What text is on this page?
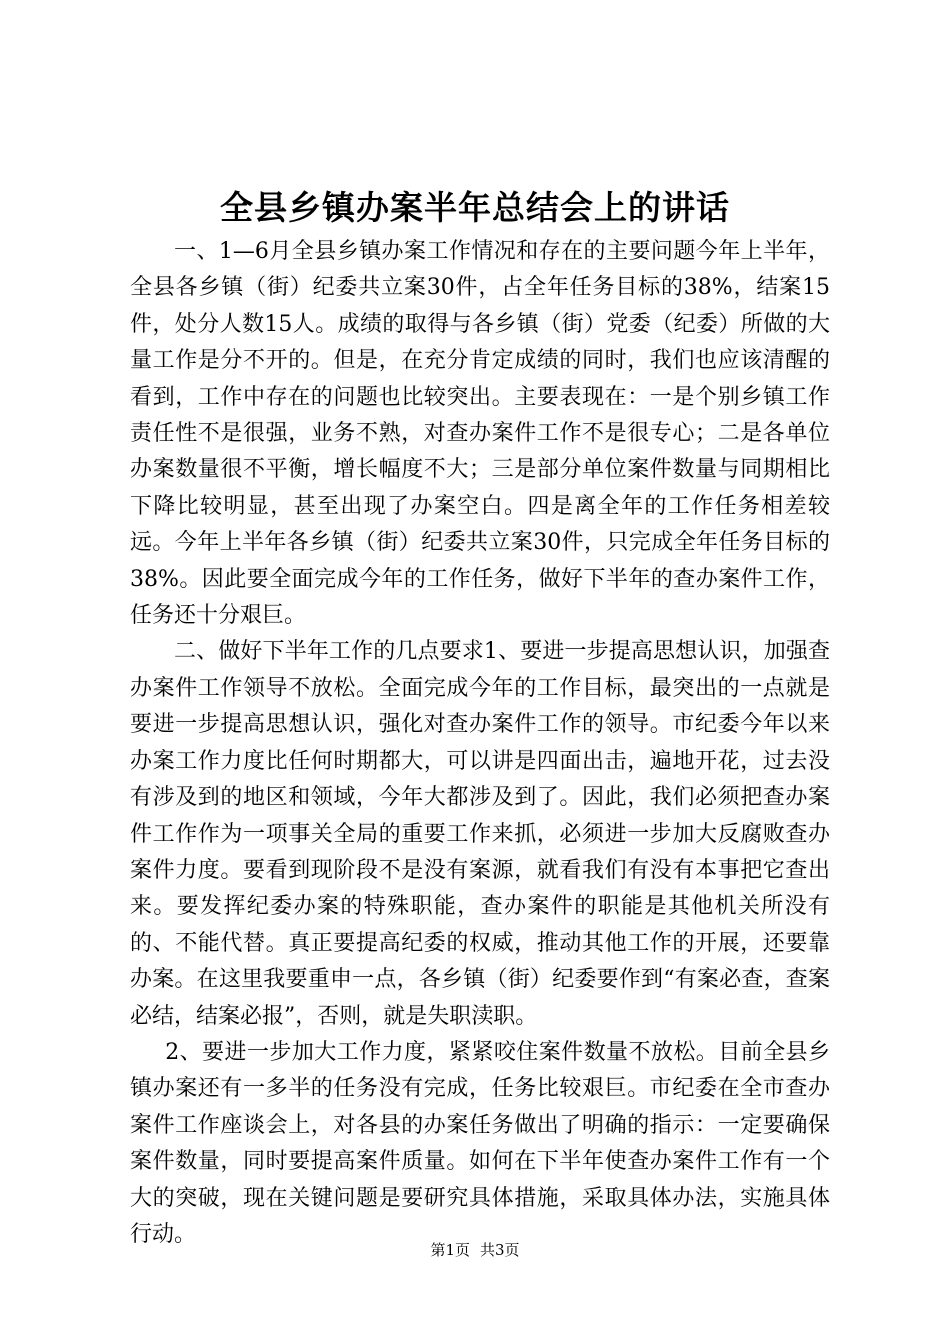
全县乡镇办案半年总结会上的讲话

一、1—6月全县乡镇办案工作情况和存在的主要问题今年上半年，全县各乡镇（街）纪委共立案30件，占全年任务目标的38%，结案15件，处分人数15人。成绩的取得与各乡镇（街）党委（纪委）所做的大量工作是分不开的。但是，在充分肯定成绩的同时，我们也应该清醒的看到，工作中存在的问题也比较突出。主要表现在：一是个别乡镇工作责任性不是很强，业务不熟，对查办案件工作不是很专心；二是各单位办案数量很不平衡，增长幅度不大；三是部分单位案件数量与同期相比下降比较明显，甚至出现了办案空白。四是离全年的工作任务相差较远。今年上半年各乡镇（街）纪委共立案30件，只完成全年任务目标的38%。因此要全面完成今年的工作任务，做好下半年的查办案件工作，任务还十分艰巨。

二、做好下半年工作的几点要求1、要进一步提高思想认识，加强查办案件工作领导不放松。全面完成今年的工作目标，最突出的一点就是要进一步提高思想认识，强化对查办案件工作的领导。市纪委今年以来办案工作力度比任何时期都大，可以讲是四面出击，遍地开花，过去没有涉及到的地区和领域，今年大都涉及到了。因此，我们必须把查办案件工作作为一项事关全局的重要工作来抓，必须进一步加大反腐败查办案件力度。要看到现阶段不是没有案源，就看我们有没有本事把它查出来。要发挥纪委办案的特殊职能，查办案件的职能是其他机关所没有的、不能代替。真正要提高纪委的权威，推动其他工作的开展，还要靠办案。在这里我要重申一点，各乡镇（街）纪委要作到“有案必查，查案必结，结案必报”，否则，就是失职渎职。

2、要进一步加大工作力度，紧紧咬住案件数量不放松。目前全县乡镇办案还有一多半的任务没有完成，任务比较艰巨。市纪委在全市查办案件工作座谈会上，对各县的办案任务做出了明确的指示：一定要确保案件数量，同时要提高案件质量。如何在下半年使查办案件工作有一个大的突破，现在关键问题是要研究具体措施，采取具体办法，实施具体行动。

第1页 共3页
